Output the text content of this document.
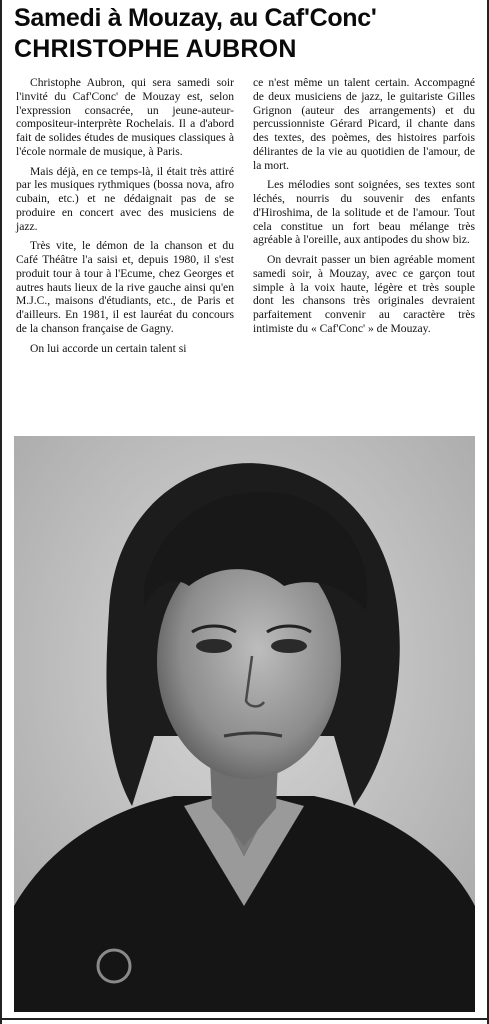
Samedi à Mouzay, au Caf'Conc'
CHRISTOPHE AUBRON

Christophe Aubron, qui sera samedi soir l'invité du Caf'Conc' de Mouzay est, selon l'expression consacrée, un jeune-auteur-compositeur-interprète Rochelais. Il a d'abord fait de solides études de musiques classiques à l'école normale de musique, à Paris.

Mais déjà, en ce temps-là, il était très attiré par les musiques rythmiques (bossa nova, afro cubain, etc.) et ne dédaignait pas de se produire en concert avec des musiciens de jazz.

Très vite, le démon de la chanson et du Café Théâtre l'a saisi et, depuis 1980, il s'est produit tour à tour à l'Ecume, chez Georges et autres hauts lieux de la rive gauche ainsi qu'en M.J.C., maisons d'étudiants, etc., de Paris et d'ailleurs. En 1981, il est lauréat du concours de la chanson française de Gagny.

On lui accorde un certain talent si

ce n'est même un talent certain. Accompagné de deux musiciens de jazz, le guitariste Gilles Grignon (auteur des arrangements) et du percussionniste Gérard Picard, il chante dans des textes, des poèmes, des histoires parfois délirantes de la vie au quotidien de l'amour, de la mort.

Les mélodies sont soignées, ses textes sont léchés, nourris du souvenir des enfants d'Hiroshima, de la solitude et de l'amour. Tout cela constitue un fort beau mélange très agréable à l'oreille, aux antipodes du show biz.

On devrait passer un bien agréable moment samedi soir, à Mouzay, avec ce garçon tout simple à la voix haute, légère et très souple dont les chansons très originales devraient parfaitement convenir au caractère très intimiste du « Caf'Conc' » de Mouzay.
